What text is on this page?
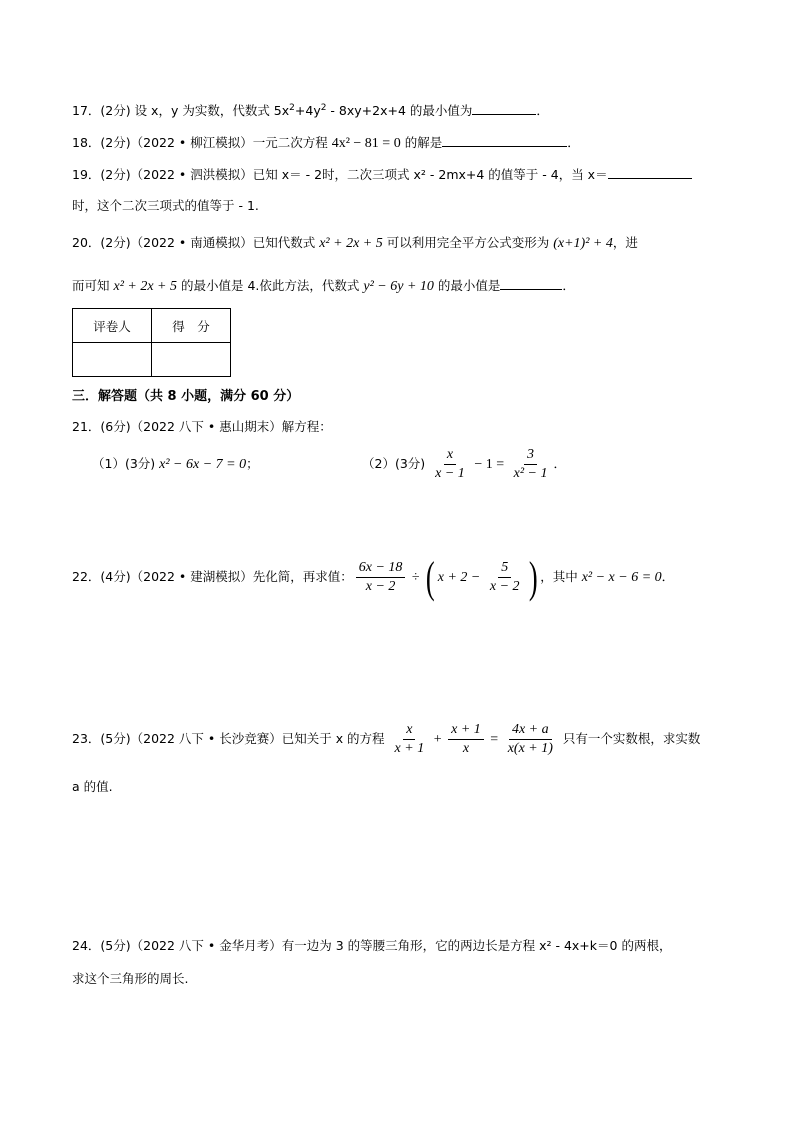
17．(2分) 设 x，y 为实数，代数式 $5x^2+4y^2 - 8xy+2x+4$ 的最小值为	．
18．(2分)（2022 • 柳江模拟）一元二次方程 4x² − 81 = 0 的解是	．
19．(2分)（2022 • 泗洪模拟）已知 x＝ - 2时，二次三项式 x² - 2mx+4 的值等于 - 4，当 x＝
时，这个二次三项式的值等于 - 1.
20．(2分)（2022 • 南通模拟）已知代数式 x² + 2x + 5 可以利用完全平方公式变形为 (x+1)² + 4，进
而可知 x² + 2x + 5 的最小值是 4.依此方法，代数式 y² − 6y + 10 的最小值是	．
评卷人	得　分

三．解答题（共 8 小题，满分 60 分）
21．(6分)（2022 八下 • 惠山期末）解方程：
（1）(3分) x² − 6x − 7 = 0；	（2）(3分) $\frac{x}{x - 1} - 1 = \frac{3}{\text{x² − 1}}$ ．
22．(4分)（2022 • 建湖模拟）先化简，再求值： $\frac{6x - 18}{x - 2}$ ÷ ( $x + 2 - \frac{5}{x - 2}$ ) ，其中 x² − x − 6 = 0．
23．(5分)（2022 八下 • 长沙竞赛）已知关于 x 的方程 $\frac{x}{x + 1} + \frac{x + 1}{x} = \frac{4x + a}{x(x + 1)}$ 只有一个实数根，求实数
a 的值.
24．(5分)（2022 八下 • 金华月考）有一边为 3 的等腰三角形，它的两边长是方程 x² - 4x+k＝0 的两根，
求这个三角形的周长.
